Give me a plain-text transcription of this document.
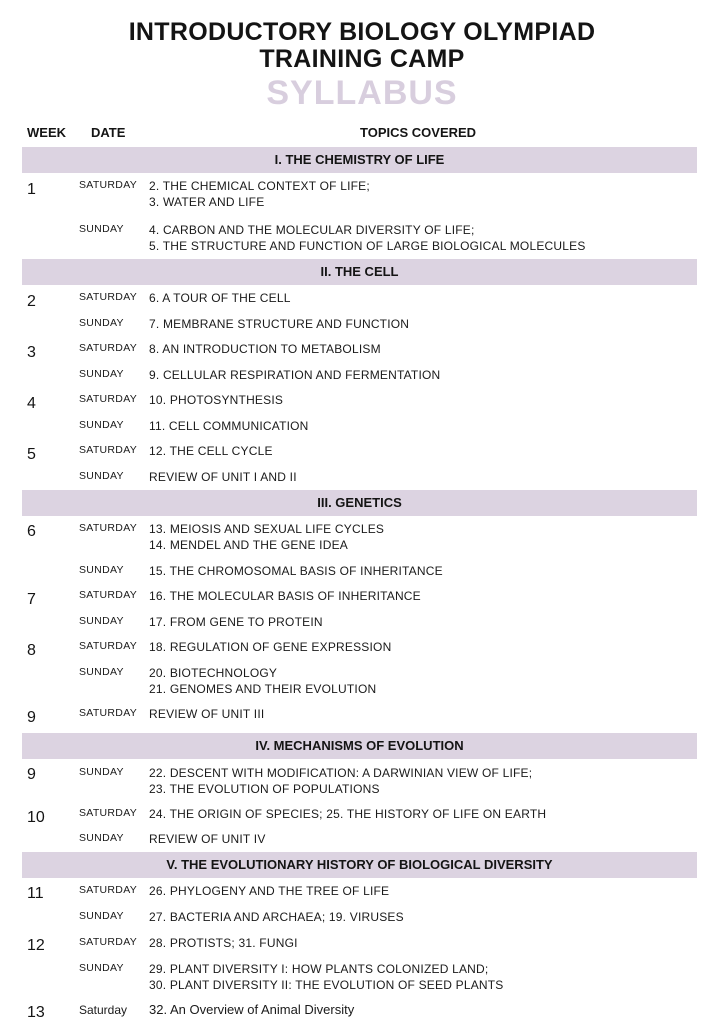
INTRODUCTORY BIOLOGY OLYMPIAD
TRAINING CAMP
SYLLABUS
WEEK DATE	TOPICS COVERED
I. THE CHEMISTRY OF LIFE
II. THE CELL
III. GENETICS
IV. MECHANISMS OF EVOLUTION
V. THE EVOLUTIONARY HISTORY OF BIOLOGICAL DIVERSITY
1
2
3
4
5
6
7
8
9
9
10
11
12
13
SATURDAY 2. THE CHEMICAL CONTEXT OF LIFE;
3. WATER AND LIFE
SUNDAY 4. CARBON AND THE MOLECULAR DIVERSITY OF LIFE;
5. THE STRUCTURE AND FUNCTION OF LARGE BIOLOGICAL MOLECULES
SATURDAY 6. A TOUR OF THE CELL
SUNDAY 7. MEMBRANE STRUCTURE AND FUNCTION
SATURDAY 8. AN INTRODUCTION TO METABOLISM
SUNDAY 9. CELLULAR RESPIRATION AND FERMENTATION
SATURDAY 10. PHOTOSYNTHESIS
SUNDAY 11. CELL COMMUNICATION
SATURDAY 12. THE CELL CYCLE
SUNDAY REVIEW OF UNIT I AND II
SATURDAY 13. MEIOSIS AND SEXUAL LIFE CYCLES
14. MENDEL AND THE GENE IDEA
SUNDAY 15. THE CHROMOSOMAL BASIS OF INHERITANCE
SATURDAY 16. THE MOLECULAR BASIS OF INHERITANCE
SUNDAY 17. FROM GENE TO PROTEIN
SATURDAY 18. REGULATION OF GENE EXPRESSION
SUNDAY 20. BIOTECHNOLOGY
21. GENOMES AND THEIR EVOLUTION
SATURDAY REVIEW OF UNIT III
SUNDAY 22. DESCENT WITH MODIFICATION: A DARWINIAN VIEW OF LIFE;
23. THE EVOLUTION OF POPULATIONS
SATURDAY 24. THE ORIGIN OF SPECIES; 25. THE HISTORY OF LIFE ON EARTH
SUNDAY REVIEW OF UNIT IV
SATURDAY 26. PHYLOGENY AND THE TREE OF LIFE
SUNDAY 27. BACTERIA AND ARCHAEA; 19. VIRUSES
SATURDAY 28. PROTISTS; 31. FUNGI
SUNDAY 29. PLANT DIVERSITY I: HOW PLANTS COLONIZED LAND;
30. PLANT DIVERSITY II: THE EVOLUTION OF SEED PLANTS
Saturday 32. An Overview of Animal Diversity
